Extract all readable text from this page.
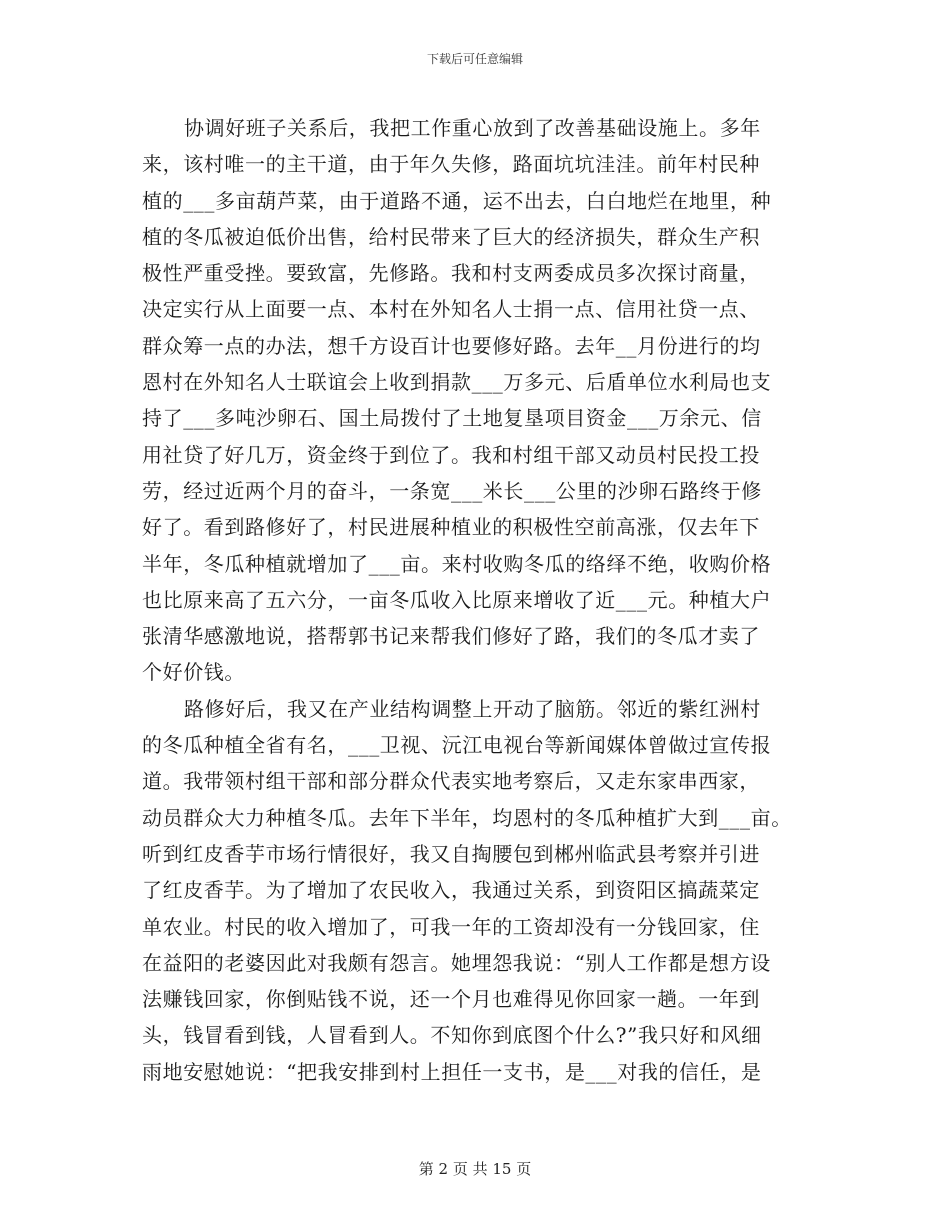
下载后可任意编辑
协调好班子关系后，我把工作重心放到了改善基础设施上。多年
来，该村唯一的主干道，由于年久失修，路面坑坑洼洼。前年村民种
植的___多亩葫芦菜，由于道路不通，运不出去，白白地烂在地里，种
植的冬瓜被迫低价出售，给村民带来了巨大的经济损失，群众生产积
极性严重受挫。要致富，先修路。我和村支两委成员多次探讨商量，
决定实行从上面要一点、本村在外知名人士捐一点、信用社贷一点、
群众筹一点的办法，想千方设百计也要修好路。去年__月份进行的均
恩村在外知名人士联谊会上收到捐款___万多元、后盾单位水利局也支
持了___多吨沙卵石、国土局拨付了土地复垦项目资金___万余元、信
用社贷了好几万，资金终于到位了。我和村组干部又动员村民投工投
劳，经过近两个月的奋斗，一条宽___米长___公里的沙卵石路终于修
好了。看到路修好了，村民进展种植业的积极性空前高涨，仅去年下
半年，冬瓜种植就增加了___亩。来村收购冬瓜的络绎不绝，收购价格
也比原来高了五六分，一亩冬瓜收入比原来增收了近___元。种植大户
张清华感激地说，搭帮郭书记来帮我们修好了路，我们的冬瓜才卖了
个好价钱。
路修好后，我又在产业结构调整上开动了脑筋。邻近的紫红洲村
的冬瓜种植全省有名，___卫视、沅江电视台等新闻媒体曾做过宣传报
道。我带领村组干部和部分群众代表实地考察后，又走东家串西家，
动员群众大力种植冬瓜。去年下半年，均恩村的冬瓜种植扩大到___亩。
听到红皮香芋市场行情很好，我又自掏腰包到郴州临武县考察并引进
了红皮香芋。为了增加了农民收入，我通过关系，到资阳区搞蔬菜定
单农业。村民的收入增加了，可我一年的工资却没有一分钱回家，住
在益阳的老婆因此对我颇有怨言。她埋怨我说：“别人工作都是想方设
法赚钱回家，你倒贴钱不说，还一个月也难得见你回家一趟。一年到
头，钱冒看到钱，人冒看到人。不知你到底图个什么?”我只好和风细
雨地安慰她说：“把我安排到村上担任一支书，是___对我的信任，是
第 2 页 共 15 页
